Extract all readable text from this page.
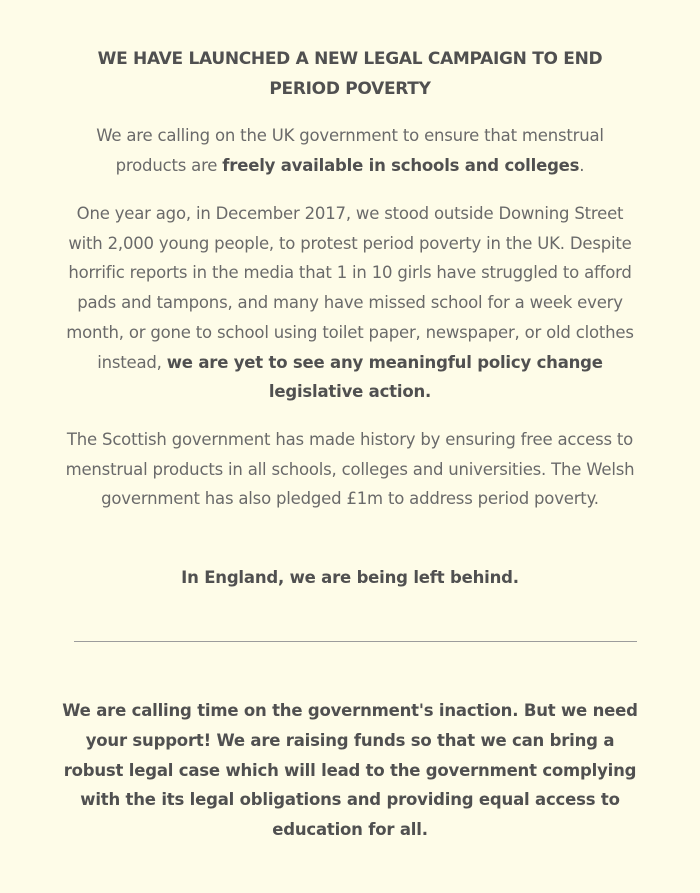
WE HAVE LAUNCHED A NEW LEGAL CAMPAIGN TO END PERIOD POVERTY

We are calling on the UK government to ensure that menstrual products are freely available in schools and colleges.

One year ago, in December 2017, we stood outside Downing Street with 2,000 young people, to protest period poverty in the UK. Despite horrific reports in the media that 1 in 10 girls have struggled to afford pads and tampons, and many have missed school for a week every month, or gone to school using toilet paper, newspaper, or old clothes instead, we are yet to see any meaningful policy change legislative action.

The Scottish government has made history by ensuring free access to menstrual products in all schools, colleges and universities. The Welsh government has also pledged £1m to address period poverty.

In England, we are being left behind.

We are calling time on the government's inaction. But we need your support! We are raising funds so that we can bring a robust legal case which will lead to the government complying with the its legal obligations and providing equal access to education for all.
